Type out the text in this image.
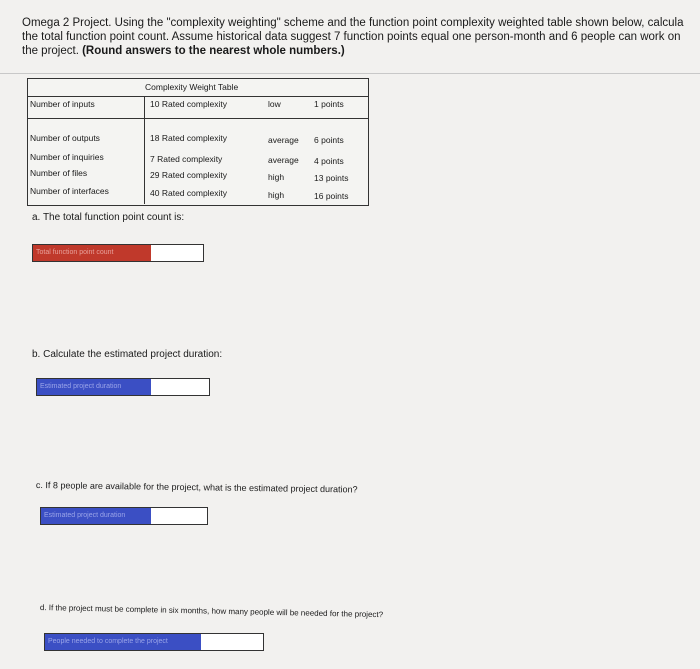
Omega 2 Project. Using the "complexity weighting" scheme and the function point complexity weighted table shown below, calcula
the total function point count. Assume historical data suggest 7 function points equal one person-month and 6 people can work on
the project. (Round answers to the nearest whole numbers.)
Complexity Weight Table
Number of inputs	10 Rated complexity	low	1 points
Number of outputs	18 Rated complexity	average 6 points
Number of inquiries	7 Rated complexity	average 4 points
Number of files	29 Rated complexity	high	13 points
Number of interfaces	40 Rated complexity	high	16 points
a. The total function point count is:
Total function point count
b. Calculate the estimated project duration:
Estimated project duration
c. If 8 people are available for the project, what is the estimated project duration?
Estimated project duration
d. If the project must be complete in six months, how many people will be needed for the project?
People needed to complete the project
